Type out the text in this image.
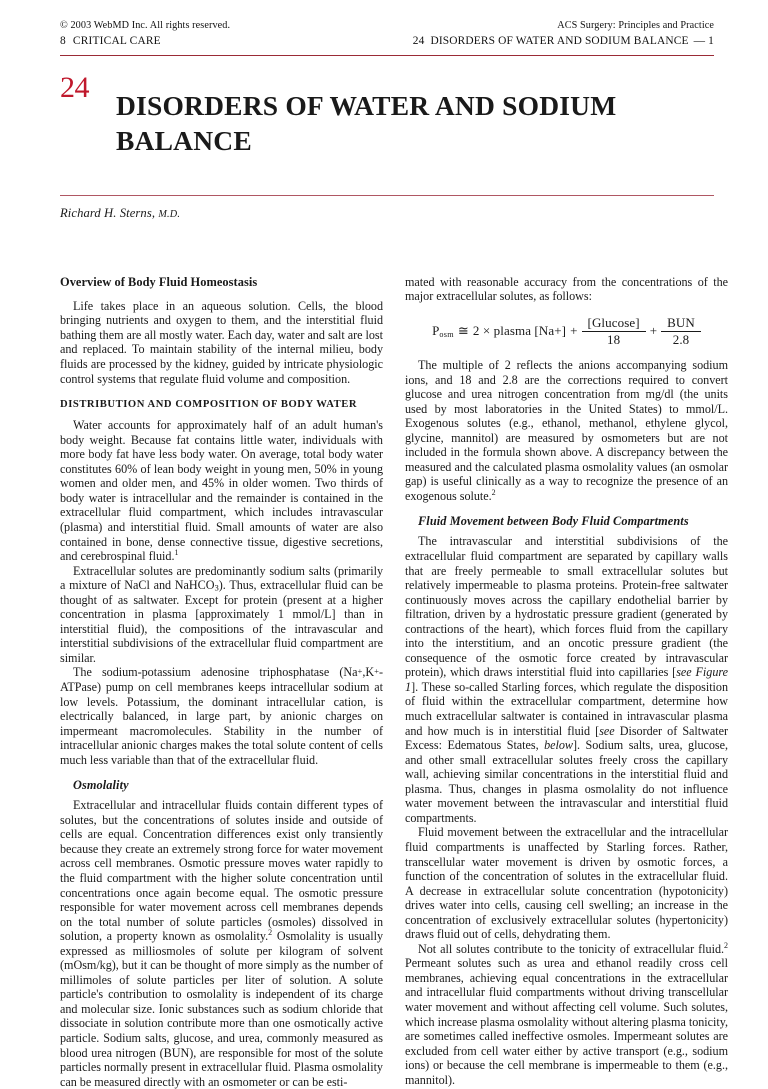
© 2003 WebMD Inc. All rights reserved.	ACS Surgery: Principles and Practice
8 CRITICAL CARE	24 DISORDERS OF WATER AND SODIUM BALANCE — 1
24
DISORDERS OF WATER AND SODIUM BALANCE
Richard H. Sterns, M.D.
Overview of Body Fluid Homeostasis

Life takes place in an aqueous solution. Cells, the blood bringing nutrients and oxygen to them, and the interstitial fluid bathing them are all mostly water. Each day, water and salt are lost and replaced. To maintain stability of the internal milieu, body fluids are processed by the kidney, guided by intricate physiologic control systems that regulate fluid volume and composition.

DISTRIBUTION AND COMPOSITION OF BODY WATER

Water accounts for approximately half of an adult human's body weight. Because fat contains little water, individuals with more body fat have less body water. On average, total body water constitutes 60% of lean body weight in young men, 50% in young women and older men, and 45% in older women. Two thirds of body water is intracellular and the remainder is contained in the extracellular fluid compartment, which includes intravascular (plasma) and interstitial fluid. Small amounts of water are also contained in bone, dense connective tissue, digestive secretions, and cerebrospinal fluid.$^1$

Extracellular solutes are predominantly sodium salts (primarily a mixture of NaCl and NaHCO$_3$). Thus, extracellular fluid can be thought of as saltwater. Except for protein (present at a higher concentration in plasma [approximately 1 mmol/L] than in interstitial fluid), the compositions of the intravascular and interstitial subdivisions of the extracellular fluid compartment are similar.

The sodium-potassium adenosine triphosphatase (Na+,K+-ATPase) pump on cell membranes keeps intracellular sodium at low levels. Potassium, the dominant intracellular cation, is electrically balanced, in large part, by anionic charges on impermeant macromolecules. Stability in the number of intracellular anionic charges makes the total solute content of cells much less variable than that of the extracellular fluid.

Osmolality

Extracellular and intracellular fluids contain different types of solutes, but the concentrations of solutes inside and outside of cells are equal. Concentration differences exist only transiently because they create an extremely strong force for water movement across cell membranes. Osmotic pressure moves water rapidly to the fluid compartment with the higher solute concentration until concentrations once again become equal. The osmotic pressure responsible for water movement across cell membranes depends on the total number of solute particles (osmoles) dissolved in solution, a property known as osmolality.$^2$ Osmolality is usually expressed as milliosmoles of solute per kilogram of solvent (mOsm/kg), but it can be thought of more simply as the number of millimoles of solute particles per liter of solution. A solute particle's contribution to osmolality is independent of its charge and molecular size. Ionic substances such as sodium chloride that dissociate in solution contribute more than one osmotically active particle. Sodium salts, glucose, and urea, commonly measured as blood urea nitrogen (BUN), are responsible for most of the solute particles normally present in extracellular fluid. Plasma osmolality can be measured directly with an osmometer or can be esti-

mated with reasonable accuracy from the concentrations of the major extracellular solutes, as follows:

Posm ≅ 2 × plasma $[Na+] + \frac{\text{[Glucose]}}{18} + \frac{\text{BUN}}{2.8}$

The multiple of 2 reflects the anions accompanying sodium ions, and 18 and 2.8 are the corrections required to convert glucose and urea nitrogen concentration from mg/dl (the units used by most laboratories in the United States) to mmol/L. Exogenous solutes (e.g., ethanol, methanol, ethylene glycol, glycine, mannitol) are measured by osmometers but are not included in the formula shown above. A discrepancy between the measured and the calculated plasma osmolality values (an osmolar gap) is useful clinically as a way to recognize the presence of an exogenous solute.$^2$

Fluid Movement between Body Fluid Compartments

The intravascular and interstitial subdivisions of the extracellular fluid compartment are separated by capillary walls that are freely permeable to small extracellular solutes but relatively impermeable to plasma proteins. Protein-free saltwater continuously moves across the capillary endothelial barrier by filtration, driven by a hydrostatic pressure gradient (generated by contractions of the heart), which forces fluid from the capillary into the interstitium, and an oncotic pressure gradient (the consequence of the osmotic force created by intravascular protein), which draws interstitial fluid into capillaries [see Figure 1]. These so-called Starling forces, which regulate the disposition of fluid within the extracellular compartment, determine how much extracellular saltwater is contained in intravascular plasma and how much is in interstitial fluid [see Disorder of Saltwater Excess: Edematous States, below]. Sodium salts, urea, glucose, and other small extracellular solutes freely cross the capillary wall, achieving similar concentrations in the interstitial fluid and plasma. Thus, changes in plasma osmolality do not influence water movement between the intravascular and interstitial fluid compartments.

Fluid movement between the extracellular and the intracellular fluid compartments is unaffected by Starling forces. Rather, transcellular water movement is driven by osmotic forces, a function of the concentration of solutes in the extracellular fluid. A decrease in extracellular solute concentration (hypotonicity) drives water into cells, causing cell swelling; an increase in the concentration of exclusively extracellular solutes (hypertonicity) draws fluid out of cells, dehydrating them.

Not all solutes contribute to the tonicity of extracellular fluid.$^2$ Permeant solutes such as urea and ethanol readily cross cell membranes, achieving equal concentrations in the extracellular and intracellular fluid compartments without driving transcellular water movement and without affecting cell volume. Such solutes, which increase plasma osmolality without altering plasma tonicity, are sometimes called ineffective osmoles. Impermeant solutes are excluded from cell water either by active transport (e.g., sodium ions) or because the cell membrane is impermeable to them (e.g., mannitol).
